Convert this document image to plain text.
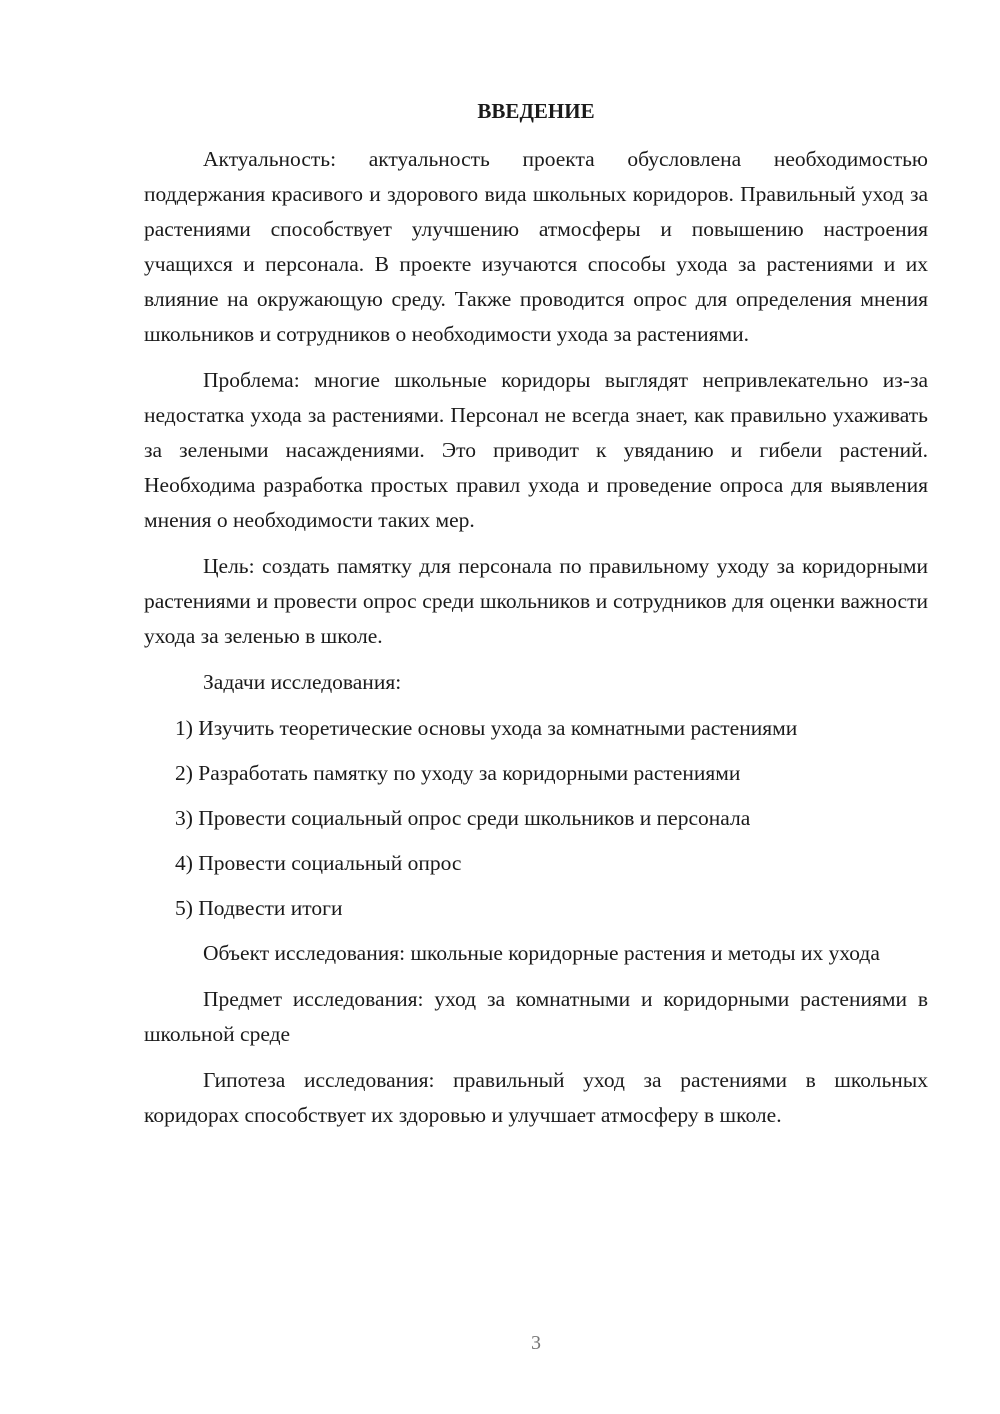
ВВЕДЕНИЕ

Актуальность: актуальность проекта обусловлена необходимостью поддержания красивого и здорового вида школьных коридоров. Правильный уход за растениями способствует улучшению атмосферы и повышению настроения учащихся и персонала. В проекте изучаются способы ухода за растениями и их влияние на окружающую среду. Также проводится опрос для определения мнения школьников и сотрудников о необходимости ухода за растениями.

Проблема: многие школьные коридоры выглядят непривлекательно из-за недостатка ухода за растениями. Персонал не всегда знает, как правильно ухаживать за зелеными насаждениями. Это приводит к увяданию и гибели растений. Необходима разработка простых правил ухода и проведение опроса для выявления мнения о необходимости таких мер.

Цель: создать памятку для персонала по правильному уходу за коридорными растениями и провести опрос среди школьников и сотрудников для оценки важности ухода за зеленью в школе.

Задачи исследования:

1) Изучить теоретические основы ухода за комнатными растениями
2) Разработать памятку по уходу за коридорными растениями
3) Провести социальный опрос среди школьников и персонала
4) Провести социальный опрос
5) Подвести итоги

Объект исследования: школьные коридорные растения и методы их ухода

Предмет исследования: уход за комнатными и коридорными растениями в школьной среде

Гипотеза исследования: правильный уход за растениями в школьных коридорах способствует их здоровью и улучшает атмосферу в школе.

3
